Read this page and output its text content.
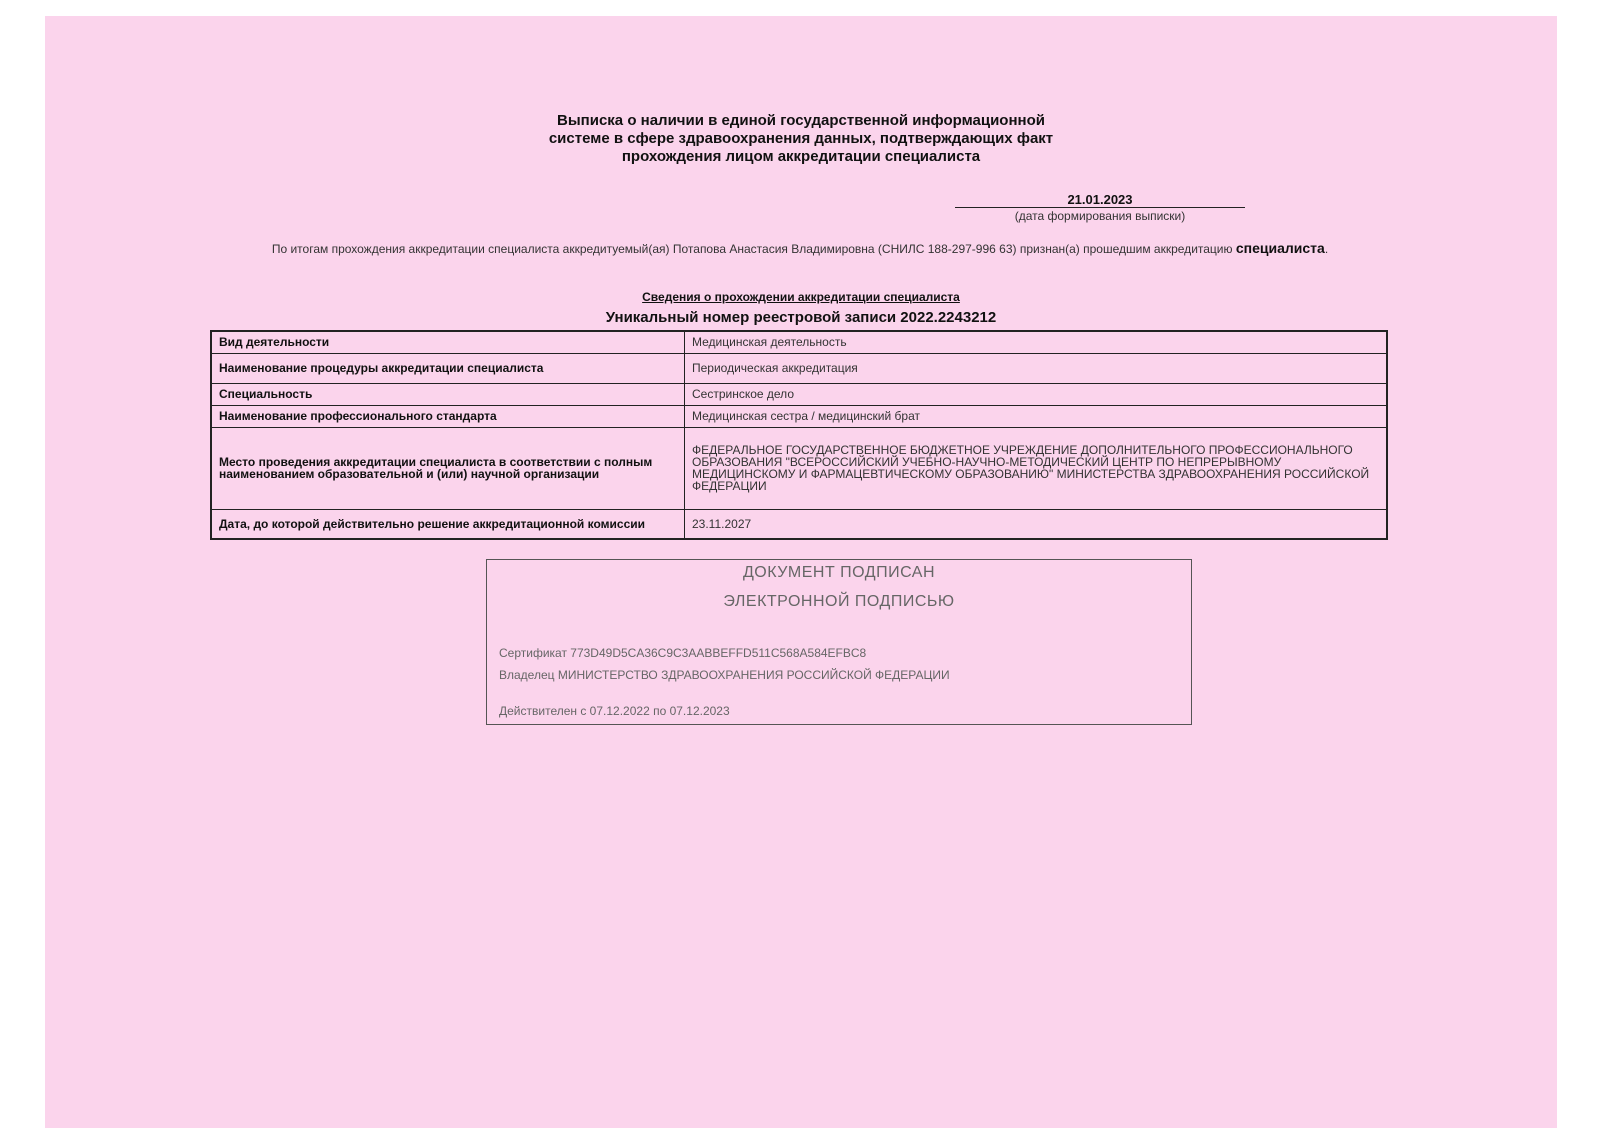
Выписка о наличии в единой государственной информационной
системе в сфере здравоохранения данных, подтверждающих факт
прохождения лицом аккредитации специалиста
21.01.2023
(дата формирования выписки)
По итогам прохождения аккредитации специалиста аккредитуемый(ая) Потапова Анастасия Владимировна (СНИЛС 188-297-996 63) признан(а) прошедшим аккредитацию специалиста.
Сведения о прохождении аккредитации специалиста
Уникальный номер реестровой записи 2022.2243212
Вид деятельности	Медицинская деятельность
Наименование процедуры аккредитации специалиста	Периодическая аккредитация
Специальность	Сестринское дело
Наименование профессионального стандарта	Медицинская сестра / медицинский брат
Место проведения аккредитации специалиста в соответствии с полным наименованием образовательной и (или) научной организации	ФЕДЕРАЛЬНОЕ ГОСУДАРСТВЕННОЕ БЮДЖЕТНОЕ УЧРЕЖДЕНИЕ ДОПОЛНИТЕЛЬНОГО ПРОФЕССИОНАЛЬНОГО ОБРАЗОВАНИЯ "ВСЕРОССИЙСКИЙ УЧЕБНО-НАУЧНО-МЕТОДИЧЕСКИЙ ЦЕНТР ПО НЕПРЕРЫВНОМУ МЕДИЦИНСКОМУ И ФАРМАЦЕВТИЧЕСКОМУ ОБРАЗОВАНИЮ" МИНИСТЕРСТВА ЗДРАВООХРАНЕНИЯ РОССИЙСКОЙ ФЕДЕРАЦИИ
Дата, до которой действительно решение аккредитационной комиссии	23.11.2027
ДОКУМЕНТ ПОДПИСАН
ЭЛЕКТРОННОЙ ПОДПИСЬЮ
Сертификат 773D49D5CA36C9C3AABBEFFD511C568A584EFBC8
Владелец МИНИСТЕРСТВО ЗДРАВООХРАНЕНИЯ РОССИЙСКОЙ ФЕДЕРАЦИИ
Действителен с 07.12.2022 по 07.12.2023
